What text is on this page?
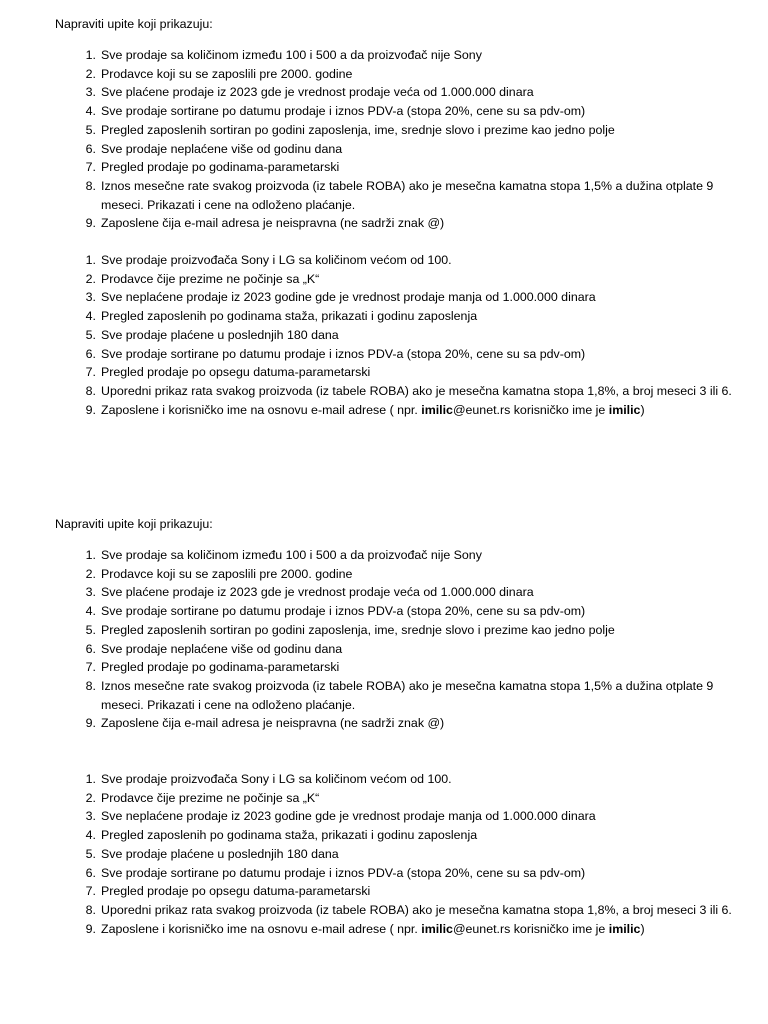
Napraviti upite koji prikazuju:

1. Sve prodaje sa količinom između 100 i 500 a da proizvođač nije Sony
2. Prodavce koji su se zaposlili pre 2000. godine
3. Sve plaćene prodaje iz 2023 gde je vrednost prodaje veća od 1.000.000 dinara
4. Sve prodaje sortirane po datumu prodaje i iznos PDV-a (stopa 20%, cene su sa pdv-om)
5. Pregled zaposlenih sortiran po godini zaposlenja, ime, srednje slovo i prezime kao jedno polje
6. Sve prodaje neplaćene više od godinu dana
7. Pregled prodaje po godinama-parametarski
8. Iznos mesečne rate svakog proizvoda (iz tabele ROBA) ako je mesečna kamatna stopa 1,5% a dužina otplate 9 meseci. Prikazati i cene na odloženo plaćanje.
9. Zaposlene čija e-mail adresa je neispravna (ne sadrži znak @)
1. Sve prodaje proizvođača Sony i LG sa količinom većom od 100.
2. Prodavce čije prezime ne počinje sa „K“
3. Sve neplaćene prodaje iz 2023 godine gde je vrednost prodaje manja od 1.000.000 dinara
4. Pregled zaposlenih po godinama staža, prikazati i godinu zaposlenja
5. Sve prodaje plaćene u poslednjih 180 dana
6. Sve prodaje sortirane po datumu prodaje i iznos PDV-a (stopa 20%, cene su sa pdv-om)
7. Pregled prodaje po opsegu datuma-parametarski
8. Uporedni prikaz rata svakog proizvoda (iz tabele ROBA) ako je mesečna kamatna stopa 1,8%, a broj meseci 3 ili 6.
9. Zaposlene i korisničko ime na osnovu e-mail adrese ( npr. imilic@eunet.rs korisničko ime je imilic)

Napraviti upite koji prikazuju:

1. Sve prodaje sa količinom između 100 i 500 a da proizvođač nije Sony
2. Prodavce koji su se zaposlili pre 2000. godine
3. Sve plaćene prodaje iz 2023 gde je vrednost prodaje veća od 1.000.000 dinara
4. Sve prodaje sortirane po datumu prodaje i iznos PDV-a (stopa 20%, cene su sa pdv-om)
5. Pregled zaposlenih sortiran po godini zaposlenja, ime, srednje slovo i prezime kao jedno polje
6. Sve prodaje neplaćene više od godinu dana
7. Pregled prodaje po godinama-parametarski
8. Iznos mesečne rate svakog proizvoda (iz tabele ROBA) ako je mesečna kamatna stopa 1,5% a dužina otplate 9 meseci. Prikazati i cene na odloženo plaćanje.
9. Zaposlene čija e-mail adresa je neispravna (ne sadrži znak @)
1. Sve prodaje proizvođača Sony i LG sa količinom većom od 100.
2. Prodavce čije prezime ne počinje sa „K“
3. Sve neplaćene prodaje iz 2023 godine gde je vrednost prodaje manja od 1.000.000 dinara
4. Pregled zaposlenih po godinama staža, prikazati i godinu zaposlenja
5. Sve prodaje plaćene u poslednjih 180 dana
6. Sve prodaje sortirane po datumu prodaje i iznos PDV-a (stopa 20%, cene su sa pdv-om)
7. Pregled prodaje po opsegu datuma-parametarski
8. Uporedni prikaz rata svakog proizvoda (iz tabele ROBA) ako je mesečna kamatna stopa 1,8%, a broj meseci 3 ili 6.
9. Zaposlene i korisničko ime na osnovu e-mail adrese ( npr. imilic@eunet.rs korisničko ime je imilic)
